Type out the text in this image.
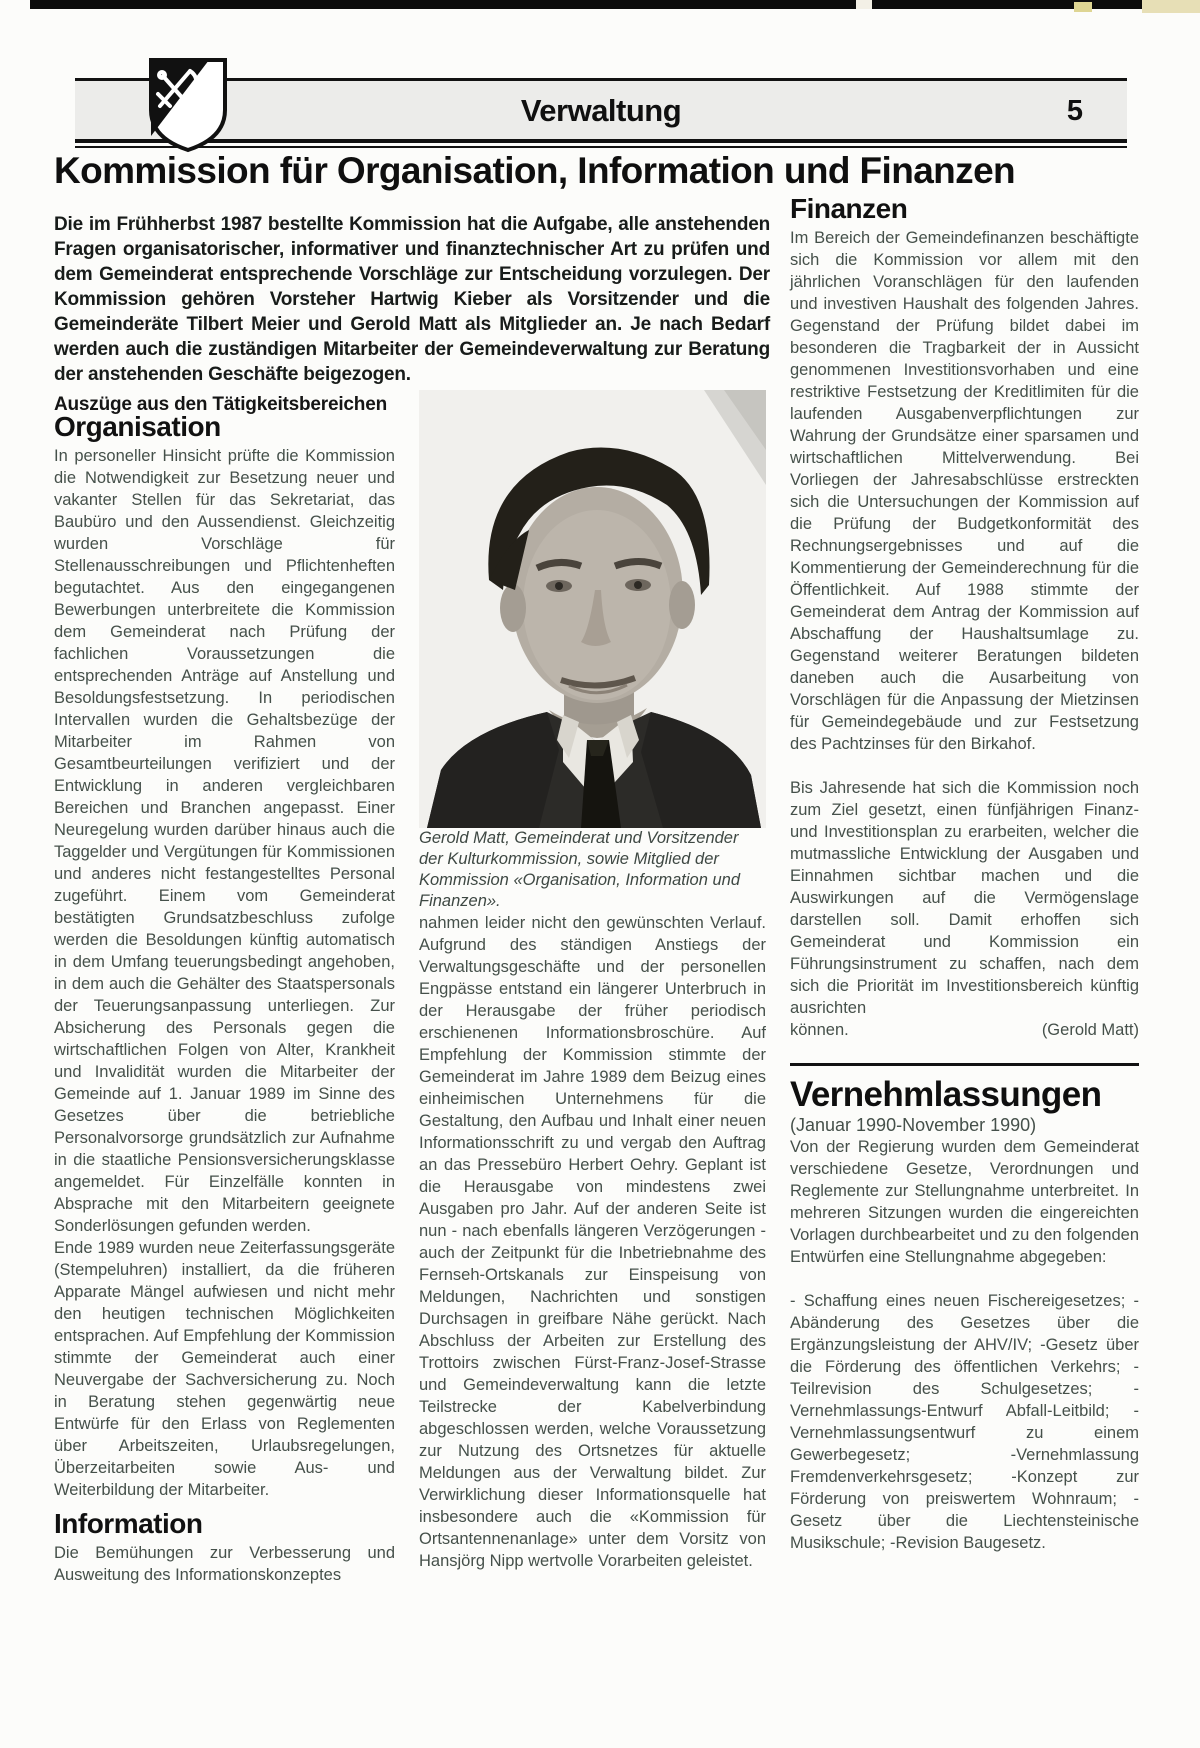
Verwaltung	5
Kommission für Organisation, Information und Finanzen
Die im Frühherbst 1987 bestellte Kommission hat die Aufgabe, alle anstehenden Fragen organisatorischer, informativer und finanztechnischer Art zu prüfen und dem Gemeinderat entsprechende Vorschläge zur Entscheidung vorzulegen. Der Kommission gehören Vorsteher Hartwig Kieber als Vorsitzender und die Gemeinderäte Tilbert Meier und Gerold Matt als Mitglieder an. Je nach Bedarf werden auch die zuständigen Mitarbeiter der Gemeindeverwaltung zur Beratung der anstehenden Geschäfte beigezogen.

Auszüge aus den Tätigkeitsbereichen

Organisation

In personeller Hinsicht prüfte die Kommission die Notwendigkeit zur Besetzung neuer und vakanter Stellen für das Sekretariat, das Baubüro und den Aussendienst. Gleichzeitig wurden Vorschläge für Stellenausschreibungen und Pflichtenheften begutachtet. Aus den eingegangenen Bewerbungen unterbreitete die Kommission dem Gemeinderat nach Prüfung der fachlichen Voraussetzungen die entsprechenden Anträge auf Anstellung und Besoldungsfestsetzung. In periodischen Intervallen wurden die Gehaltsbezüge der Mitarbeiter im Rahmen von Gesamtbeurteilungen verifiziert und der Entwicklung in anderen vergleichbaren Bereichen und Branchen angepasst. Einer Neuregelung wurden darüber hinaus auch die Taggelder und Vergütungen für Kommissionen und anderes nicht festangestelltes Personal zugeführt. Einem vom Gemeinderat bestätigten Grundsatzbeschluss zufolge werden die Besoldungen künftig automatisch in dem Umfang teuerungsbedingt angehoben, in dem auch die Gehälter des Staatspersonals der Teuerungsanpassung unterliegen. Zur Absicherung des Personals gegen die wirtschaftlichen Folgen von Alter, Krankheit und Invalidität wurden die Mitarbeiter der Gemeinde auf 1. Januar 1989 im Sinne des Gesetzes über die betriebliche Personalvorsorge grundsätzlich zur Aufnahme in die staatliche Pensionsversicherungsklasse angemeldet. Für Einzelfälle konnten in Absprache mit den Mitarbeitern geeignete Sonderlösungen gefunden werden.

Ende 1989 wurden neue Zeiterfassungsgeräte (Stempeluhren) installiert, da die früheren Apparate Mängel aufwiesen und nicht mehr den heutigen technischen Möglichkeiten entsprachen. Auf Empfehlung der Kommission stimmte der Gemeinderat auch einer Neuvergabe der Sachversicherung zu. Noch in Beratung stehen gegenwärtig neue Entwürfe für den Erlass von Reglementen über Arbeitszeiten, Urlaubsregelungen, Überzeitarbeiten sowie Aus- und Weiterbildung der Mitarbeiter.

Information

Die Bemühungen zur Verbesserung und Ausweitung des Informationskonzeptes

Gerold Matt, Gemeinderat und Vorsitzender der Kulturkommission, sowie Mitglied der Kommission «Organisation, Information und Finanzen».

nahmen leider nicht den gewünschten Verlauf. Aufgrund des ständigen Anstiegs der Verwaltungsgeschäfte und der personellen Engpässe entstand ein längerer Unterbruch in der Herausgabe der früher periodisch erschienenen Informationsbroschüre. Auf Empfehlung der Kommission stimmte der Gemeinderat im Jahre 1989 dem Beizug eines einheimischen Unternehmens für die Gestaltung, den Aufbau und Inhalt einer neuen Informationsschrift zu und vergab den Auftrag an das Pressebüro Herbert Oehry. Geplant ist die Herausgabe von mindestens zwei Ausgaben pro Jahr. Auf der anderen Seite ist nun - nach ebenfalls längeren Verzögerungen - auch der Zeitpunkt für die Inbetriebnahme des Fernseh-Ortskanals zur Einspeisung von Meldungen, Nachrichten und sonstigen Durchsagen in greifbare Nähe gerückt. Nach Abschluss der Arbeiten zur Erstellung des Trottoirs zwischen Fürst-Franz-Josef-Strasse und Gemeindeverwaltung kann die letzte Teilstrecke der Kabelverbindung abgeschlossen werden, welche Voraussetzung zur Nutzung des Ortsnetzes für aktuelle Meldungen aus der Verwaltung bildet. Zur Verwirklichung dieser Informationsquelle hat insbesondere auch die «Kommission für Ortsantennenanlage» unter dem Vorsitz von Hansjörg Nipp wertvolle Vorarbeiten geleistet.

Finanzen

Im Bereich der Gemeindefinanzen beschäftigte sich die Kommission vor allem mit den jährlichen Voranschlägen für den laufenden und investiven Haushalt des folgenden Jahres. Gegenstand der Prüfung bildet dabei im besonderen die Tragbarkeit der in Aussicht genommenen Investitionsvorhaben und eine restriktive Festsetzung der Kreditlimiten für die laufenden Ausgabenverpflichtungen zur Wahrung der Grundsätze einer sparsamen und wirtschaftlichen Mittelverwendung. Bei Vorliegen der Jahresabschlüsse erstreckten sich die Untersuchungen der Kommission auf die Prüfung der Budgetkonformität des Rechnungsergebnisses und auf die Kommentierung der Gemeinderechnung für die Öffentlichkeit. Auf 1988 stimmte der Gemeinderat dem Antrag der Kommission auf Abschaffung der Haushaltsumlage zu. Gegenstand weiterer Beratungen bildeten daneben auch die Ausarbeitung von Vorschlägen für die Anpassung der Mietzinsen für Gemeindegebäude und zur Festsetzung des Pachtzinses für den Birkahof.

Bis Jahresende hat sich die Kommission noch zum Ziel gesetzt, einen fünfjährigen Finanz- und Investitionsplan zu erarbeiten, welcher die mutmassliche Entwicklung der Ausgaben und Einnahmen sichtbar machen und die Auswirkungen auf die Vermögenslage darstellen soll. Damit erhoffen sich Gemeinderat und Kommission ein Führungsinstrument zu schaffen, nach dem sich die Priorität im Investitionsbereich künftig ausrichten

können.	(Gerold Matt)
Vernehmlassungen

(Januar 1990-November 1990)

Von der Regierung wurden dem Gemeinderat verschiedene Gesetze, Verordnungen und Reglemente zur Stellungnahme unterbreitet. In mehreren Sitzungen wurden die eingereichten Vorlagen durchbearbeitet und zu den folgenden Entwürfen eine Stellungnahme abgegeben:

- Schaffung eines neuen Fischereigesetzes; -Abänderung des Gesetzes über die Ergänzungsleistung der AHV/IV; -Gesetz über die Förderung des öffentlichen Verkehrs; -Teilrevision des Schulgesetzes; -Vernehmlassungs-Entwurf Abfall-Leitbild; -Vernehmlassungsentwurf zu einem Gewerbegesetz; -Vernehmlassung Fremdenverkehrsgesetz; -Konzept zur Förderung von preiswertem Wohnraum; -Gesetz über die Liechtensteinische Musikschule; -Revision Baugesetz.
